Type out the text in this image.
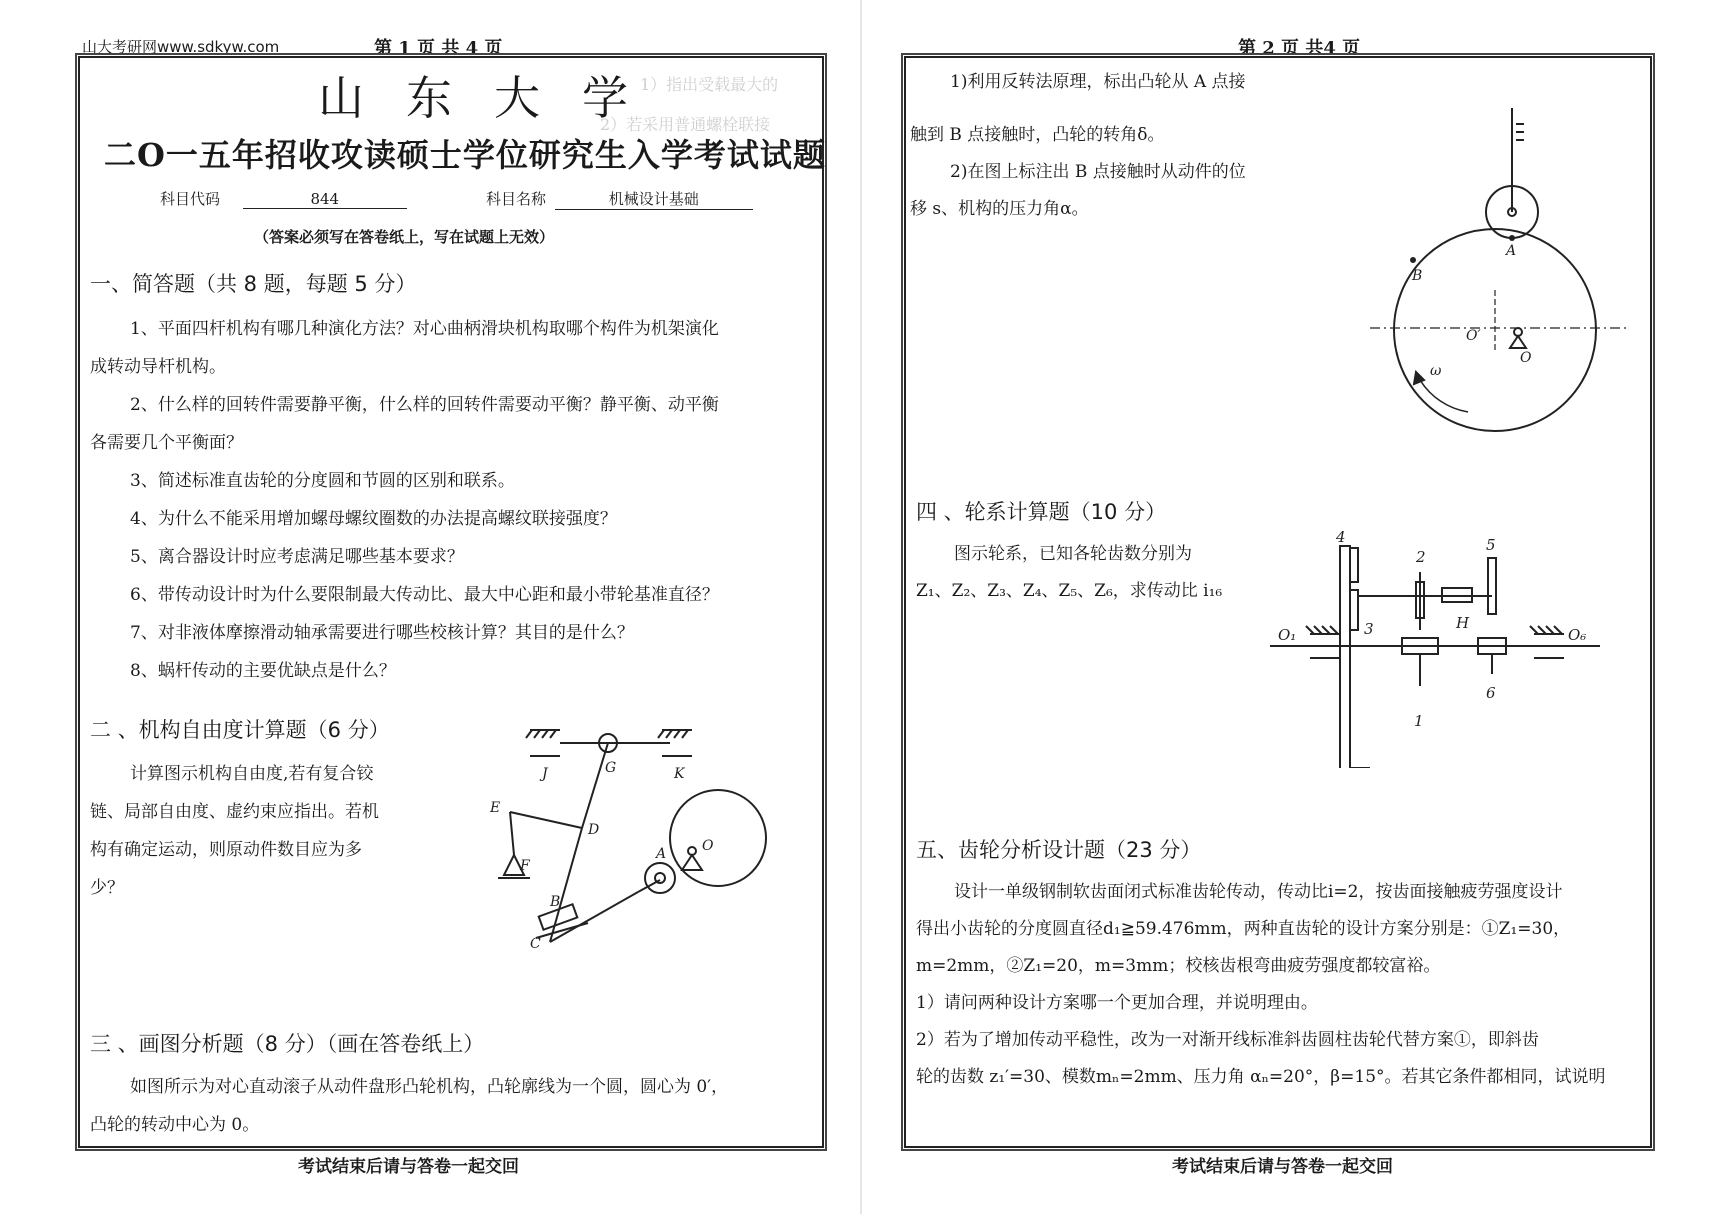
山大考研网www.sdkyw.com	第 1 页 共 4 页
1）指出受载最大的
2）若采用普通螺栓联接
山东大学
二O一五年招收攻读硕士学位研究生入学考试试题
科目代码	844	科目名称	机械设计基础
（答案必须写在答卷纸上，写在试题上无效）
一、简答题（共 8 题，每题 5 分）
1、平面四杆机构有哪几种演化方法？对心曲柄滑块机构取哪个构件为机架演化
成转动导杆机构。
2、什么样的回转件需要静平衡，什么样的回转件需要动平衡？静平衡、动平衡
各需要几个平衡面？
3、简述标准直齿轮的分度圆和节圆的区别和联系。
4、为什么不能采用增加螺母螺纹圈数的办法提高螺纹联接强度？
5、离合器设计时应考虑满足哪些基本要求？
6、带传动设计时为什么要限制最大传动比、最大中心距和最小带轮基准直径？
7、对非液体摩擦滑动轴承需要进行哪些校核计算？其目的是什么？
8、蜗杆传动的主要优缺点是什么？
二 、机构自由度计算题（6 分）
计算图示机构自由度,若有复合铰
链、局部自由度、虚约束应指出。若机
构有确定运动，则原动件数目应为多
少？
G
J	K
E
D
F
A	O
B
C
三 、画图分析题（8 分）（画在答卷纸上）
如图所示为对心直动滚子从动件盘形凸轮机构，凸轮廓线为一个圆，圆心为 0′，
凸轮的转动中心为 0。
考试结束后请与答卷一起交回
第 2 页 共4 页
1)利用反转法原理，标出凸轮从 A 点接
触到 B 点接触时，凸轮的转角δ。
2)在图上标注出 B 点接触时从动件的位
移 s、机构的压力角α。
A
B
O′
O
ω
四 、轮系计算题（10 分）
图示轮系，已知各轮齿数分别为
Z₁、Z₂、Z₃、Z₄、Z₅、Z₆，求传动比 i₁₆
1
2
3
4	5
6
H
O₁	O₆
五、齿轮分析设计题（23 分）
设计一单级钢制软齿面闭式标准齿轮传动，传动比i=2，按齿面接触疲劳强度设计
得出小齿轮的分度圆直径d₁≧59.476mm，两种直齿轮的设计方案分别是：①Z₁=30，
m=2mm，②Z₁=20，m=3mm；校核齿根弯曲疲劳强度都较富裕。
1）请问两种设计方案哪一个更加合理，并说明理由。
2）若为了增加传动平稳性，改为一对渐开线标准斜齿圆柱齿轮代替方案①，即斜齿
轮的齿数 z₁′=30、模数mₙ=2mm、压力角 αₙ=20°，β=15°。若其它条件都相同，试说明
考试结束后请与答卷一起交回
